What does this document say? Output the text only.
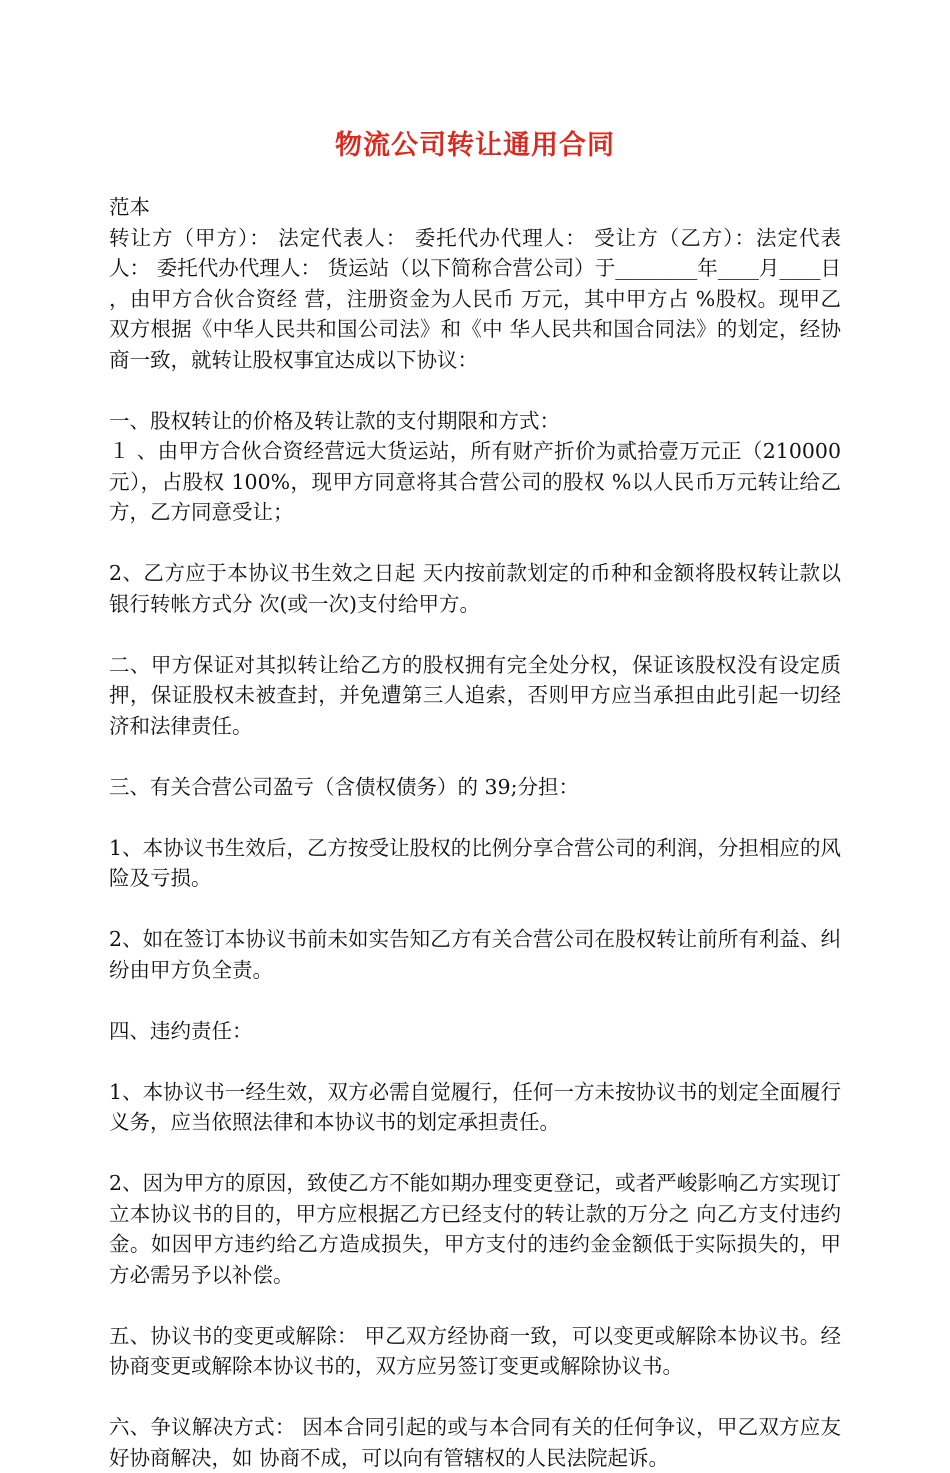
物流公司转让通用合同

范本

转让方（甲方）： 法定代表人： 委托代办代理人： 受让方（乙方）：法定代表人： 委托代办代理人： 货运站（以下简称合营公司）于________年____月____日 ，由甲方合伙合资经 营，注册资金为人民币 万元，其中甲方占 %股权。现甲乙双方根据《中华人民共和国公司法》和《中 华人民共和国合同法》的划定，经协商一致，就转让股权事宜达成以下协议：

一、股权转让的价格及转让款的支付期限和方式：

１ 、由甲方合伙合资经营远大货运站，所有财产折价为贰拾壹万元正（210000 元），占股权 100%，现甲方同意将其合营公司的股权 %以人民币万元转让给乙方，乙方同意受让；

2、乙方应于本协议书生效之日起 天内按前款划定的币种和金额将股权转让款以银行转帐方式分 次(或一次)支付给甲方。

二、甲方保证对其拟转让给乙方的股权拥有完全处分权，保证该股权没有设定质押，保证股权未被查封，并免遭第三人追索，否则甲方应当承担由此引起一切经济和法律责任。

三、有关合营公司盈亏（含债权债务）的 39;分担：

1、本协议书生效后，乙方按受让股权的比例分享合营公司的利润，分担相应的风险及亏损。

2、如在签订本协议书前未如实告知乙方有关合营公司在股权转让前所有利益、纠纷由甲方负全责。

四、违约责任：

1、本协议书一经生效，双方必需自觉履行，任何一方未按协议书的划定全面履行义务，应当依照法律和本协议书的划定承担责任。

2、因为甲方的原因，致使乙方不能如期办理变更登记，或者严峻影响乙方实现订立本协议书的目的，甲方应根据乙方已经支付的转让款的万分之 向乙方支付违约金。如因甲方违约给乙方造成损失，甲方支付的违约金金额低于实际损失的，甲方必需另予以补偿。

五、协议书的变更或解除： 甲乙双方经协商一致，可以变更或解除本协议书。经协商变更或解除本协议书的，双方应另签订变更或解除协议书。

六、争议解决方式： 因本合同引起的或与本合同有关的任何争议，甲乙双方应友好协商解决，如 协商不成，可以向有管辖权的人民法院起诉。
